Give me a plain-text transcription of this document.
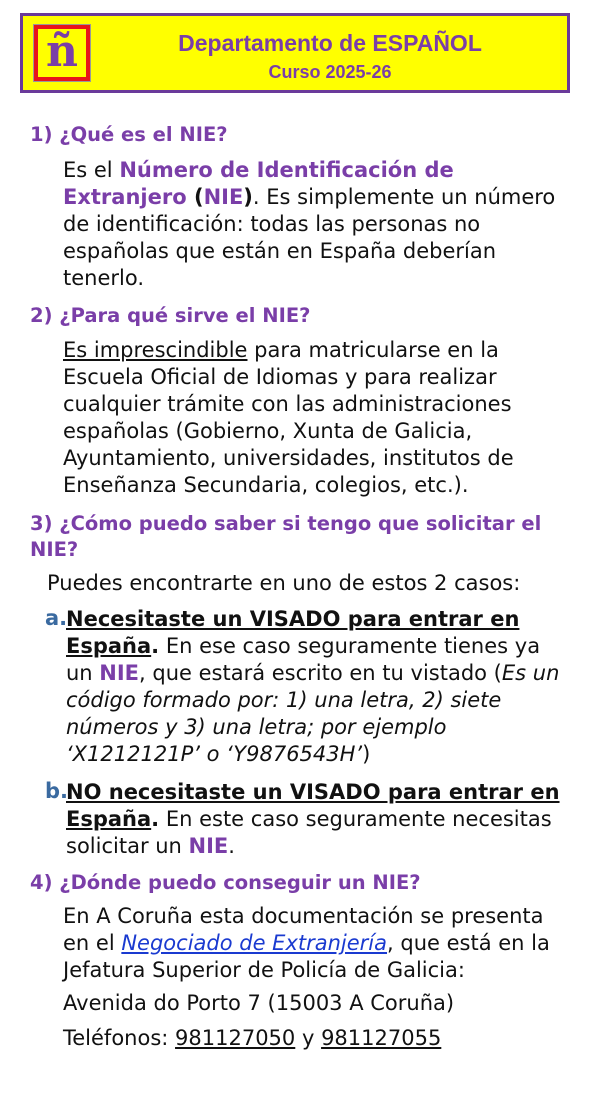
ñ	Departamento de ESPAÑOL
Curso 2025-26
1) ¿Qué es el NIE?
Es el Número de Identificación de Extranjero (NIE). Es simplemente un número de identificación: todas las personas no españolas que están en España deberían tenerlo.
2) ¿Para qué sirve el NIE?
Es imprescindible para matricularse en la Escuela Oficial de Idiomas y para realizar cualquier trámite con las administraciones españolas (Gobierno, Xunta de Galicia, Ayuntamiento, universidades, institutos de Enseñanza Secundaria, colegios, etc.).
3) ¿Cómo puedo saber si tengo que solicitar el NIE?
Puedes encontrarte en uno de estos 2 casos:
a.
Necesitaste un VISADO para entrar en España. En ese caso seguramente tienes ya un NIE, que estará escrito en tu vistado (Es un código formado por: 1) una letra, 2) siete números y 3) una letra; por ejemplo ‘X1212121P’ o ‘Y9876543H’)
b.
NO necesitaste un VISADO para entrar en España. En este caso seguramente necesitas solicitar un NIE.
4) ¿Dónde puedo conseguir un NIE?
En A Coruña esta documentación se presenta en el Negociado de Extranjería, que está en la Jefatura Superior de Policía de Galicia:
Avenida do Porto 7 (15003 A Coruña)
Teléfonos: 981127050 y 981127055
